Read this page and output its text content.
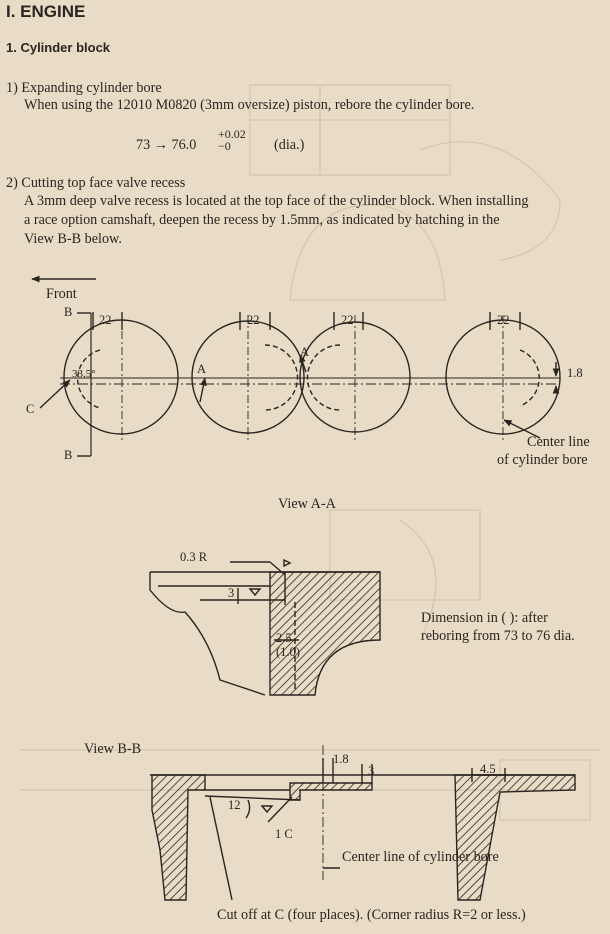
I. ENGINE
1. Cylinder block
1) Expanding cylinder bore
When using the 12010 M0820 (3mm oversize) piston, rebore the cylinder bore.
73 → 76.0
+0.02
−0	(dia.)
2) Cutting top face valve recess
A 3mm deep valve recess is located at the top face of the cylinder block. When installing
a race option camshaft, deepen the recess by 1.5mm, as indicated by hatching in the
View B-B below.
Front
B
B
22	22	22	22
33.5°
C
A
A
1.8
Center line
of cylinder bore
View A-A
0.3 R
3
2.5
(1.0)
Dimension in ( ): after
reboring from 73 to 76 dia.
View B-B
1.8
3	4.5
12
1 C
Center line of cylinder bore
Cut off at C (four places). (Corner radius R=2 or less.)
